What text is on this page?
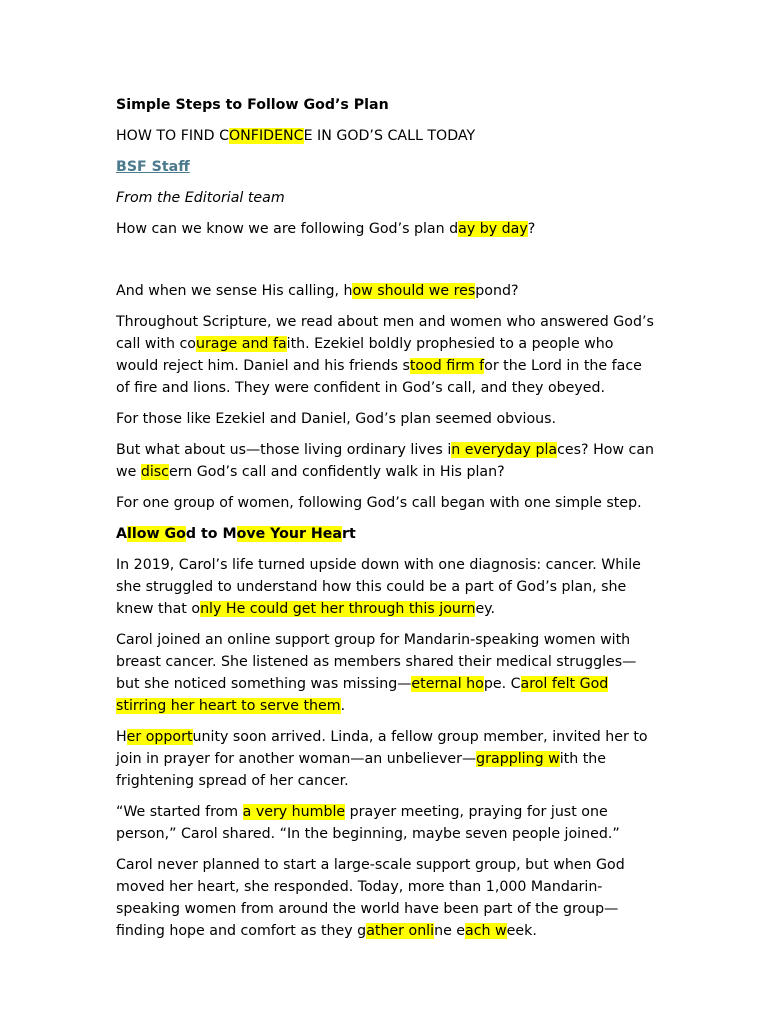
Simple Steps to Follow God’s Plan

HOW TO FIND CONFIDENCE IN GOD’S CALL TODAY

BSF Staff

From the Editorial team

How can we know we are following God’s plan day by day?

And when we sense His calling, how should we respond?

Throughout Scripture, we read about men and women who answered God’s call with courage and faith. Ezekiel boldly prophesied to a people who would reject him. Daniel and his friends stood firm for the Lord in the face of fire and lions. They were confident in God’s call, and they obeyed.

For those like Ezekiel and Daniel, God’s plan seemed obvious.

But what about us—those living ordinary lives in everyday places? How can we discern God’s call and confidently walk in His plan?

For one group of women, following God’s call began with one simple step.

Allow God to Move Your Heart

In 2019, Carol’s life turned upside down with one diagnosis: cancer. While she struggled to understand how this could be a part of God’s plan, she knew that only He could get her through this journey.

Carol joined an online support group for Mandarin-speaking women with breast cancer. She listened as members shared their medical struggles—but she noticed something was missing—eternal hope. Carol felt God stirring her heart to serve them.

Her opportunity soon arrived. Linda, a fellow group member, invited her to join in prayer for another woman—an unbeliever—grappling with the frightening spread of her cancer.

“We started from a very humble prayer meeting, praying for just one person,” Carol shared. “In the beginning, maybe seven people joined.”

Carol never planned to start a large-scale support group, but when God moved her heart, she responded. Today, more than 1,000 Mandarin-speaking women from around the world have been part of the group—finding hope and comfort as they gather online each week.
